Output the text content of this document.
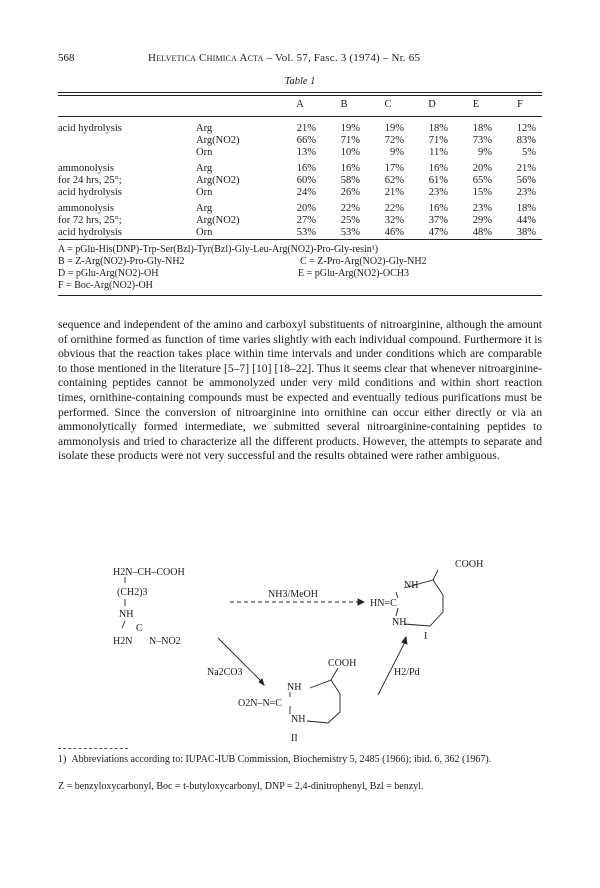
568	Helvetica Chimica Acta – Vol. 57, Fasc. 3 (1974) – Nr. 65
Table 1
		A	B	C	D	E	F
acid hydrolysis	Arg	21%	19%	19%	18%	18%	12%
	Arg(NO2)	66%	71%	72%	71%	73%	83%
	Orn	13%	10%	9%	11%	9%	5%

ammonolysis	Arg	16%	16%	17%	16%	20%	21%
for 24 hrs, 25°;	Arg(NO2)	60%	58%	62%	61%	65%	56%
acid hydrolysis	Orn	24%	26%	21%	23%	15%	23%

ammonolysis	Arg	20%	22%	22%	16%	23%	18%
for 72 hrs, 25°;	Arg(NO2)	27%	25%	32%	37%	29%	44%
acid hydrolysis	Orn	53%	53%	46%	47%	48%	38%
A = pGlu-His(DNP)-Trp-Ser(Bzl)-Tyr(Bzl)-Gly-Leu-Arg(NO2)-Pro-Gly-resin¹)
B = Z-Arg(NO2)-Pro-Gly-NH2	C = Z-Pro-Arg(NO2)-Gly-NH2
D = pGlu-Arg(NO2)-OH	E = pGlu-Arg(NO2)-OCH3
F = Boc-Arg(NO2)-OH
sequence and independent of the amino and carboxyl substituents of nitroarginine, although the amount of ornithine formed as function of time varies slightly with each individual compound. Furthermore it is obvious that the reaction takes place within time intervals and under conditions which are comparable to those mentioned in the literature [5–7] [10] [18–22]. Thus it seems clear that whenever nitroarginine-containing peptides cannot be ammonolyzed under very mild conditions and within short reaction times, ornithine-containing compounds must be expected and eventually tedious purifications must be performed. Since the conversion of nitroarginine into ornithine can occur either directly or via an ammonolytically formed intermediate, we submitted several nitroarginine-containing peptides to ammonolysis and tried to characterize all the different products. However, the attempts to separate and isolate these products were not very successful and the results obtained were rather ambiguous.
H2N–CH–COOH
(CH2)3
NH
C
H2N N–NO2
NH3/MeOH
Na2CO3	H2/Pd
COOH
NH
HN=C
NH
I
COOH
NH
O2N–N=C
NH
II
1) Abbreviations according to: IUPAC-IUB Commission, Biochemistry 5, 2485 (1966); ibid. 6, 362 (1967).
Z = benzyloxycarbonyl, Boc = t-butyloxycarbonyl, DNP = 2,4-dinitrophenyl, Bzl = benzyl.
